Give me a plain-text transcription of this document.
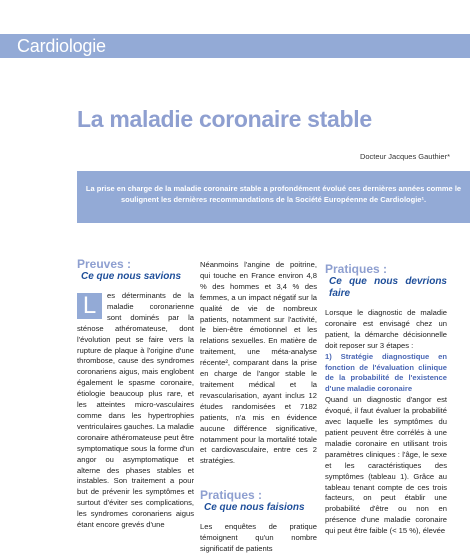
Cardiologie
La maladie coronaire stable
Docteur Jacques Gauthier*
La prise en charge de la maladie coronaire stable a profondément évolué ces dernières années comme le soulignent les dernières recommandations de la Société Européenne de Cardiologie¹.
Preuves :
Ce que nous savions

L	es déterminants de la maladie coronarienne sont dominés par la sténose athéromateuse, dont l'évolution peut se faire vers la rupture de plaque à l'origine d'une thrombose, cause des syndromes coronariens aigus, mais englobent également le spasme coronaire, étiologie beaucoup plus rare, et les atteintes micro-vasculaires comme dans les hypertrophies ventriculaires gauches. La maladie coronaire athéromateuse peut être symptomatique sous la forme d'un angor ou asymptomatique et alterne des phases stables et instables. Son traitement a pour but de prévenir les symptômes et surtout d'éviter ses complications, les syndromes coronariens aigus étant encore grevés d'une

Néanmoins l'angine de poitrine, qui touche en France environ 4,8 % des hommes et 3,4 % des femmes, a un impact négatif sur la qualité de vie de nombreux patients, notamment sur l'activité, le bien-être émotionnel et les relations sexuelles. En matière de traitement, une méta-analyse récente², comparant dans la prise en charge de l'angor stable le traitement médical et la revascularisation, ayant inclus 12 études randomisées et 7182 patients, n'a mis en évidence aucune différence significative, notamment pour la mortalité totale et cardiovasculaire, entre ces 2 stratégies.

Pratiques :
Ce que nous faisions

Les enquêtes de pratique témoignent qu'un nombre significatif de patients

Pratiques :
Ce que nous devrions faire

Lorsque le diagnostic de maladie coronaire est envisagé chez un patient, la démarche décisionnelle doit reposer sur 3 étapes :

1) Stratégie diagnostique en fonction de l'évaluation clinique de la probabilité de l'existence d'une maladie coronaire

Quand un diagnostic d'angor est évoqué, il faut évaluer la probabilité avec laquelle les symptômes du patient peuvent être corrélés à une maladie coronaire en utilisant trois paramètres cliniques : l'âge, le sexe et les caractéristiques des symptômes (tableau 1). Grâce au tableau tenant compte de ces trois facteurs, on peut établir une probabilité d'être ou non en présence d'une maladie coronaire qui peut être faible (< 15 %), élevée
